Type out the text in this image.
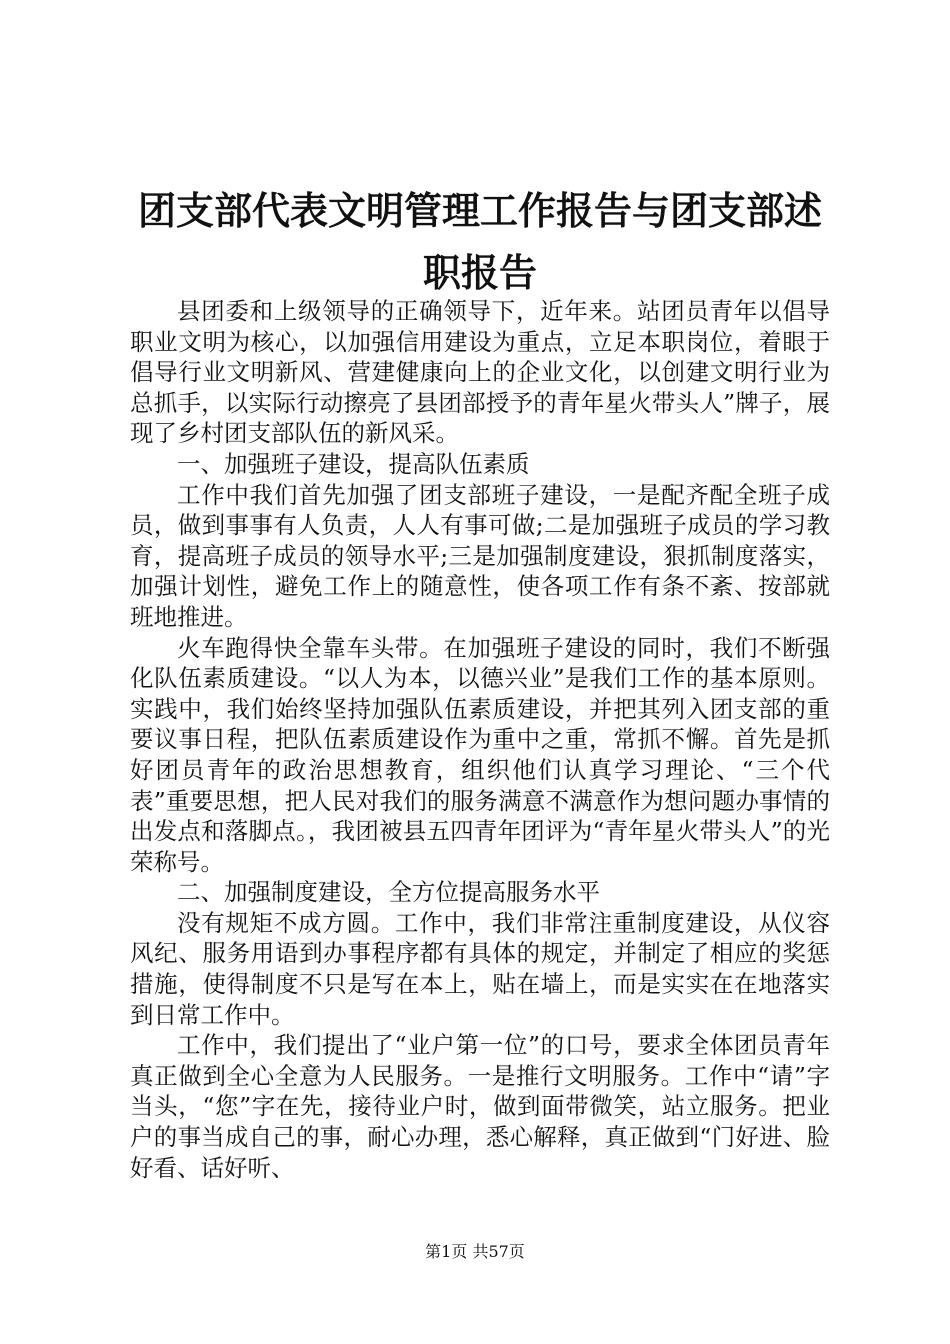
团支部代表文明管理工作报告与团支部述职报告

县团委和上级领导的正确领导下，近年来。站团员青年以倡导职业文明为核心，以加强信用建设为重点，立足本职岗位，着眼于倡导行业文明新风、营建健康向上的企业文化，以创建文明行业为总抓手，以实际行动擦亮了县团部授予的青年星火带头人”牌子，展现了乡村团支部队伍的新风采。

一、加强班子建设，提高队伍素质

工作中我们首先加强了团支部班子建设，一是配齐配全班子成员，做到事事有人负责，人人有事可做;二是加强班子成员的学习教育，提高班子成员的领导水平;三是加强制度建设，狠抓制度落实，加强计划性，避免工作上的随意性，使各项工作有条不紊、按部就班地推进。

火车跑得快全靠车头带。在加强班子建设的同时，我们不断强化队伍素质建设。“以人为本，以德兴业”是我们工作的基本原则。实践中，我们始终坚持加强队伍素质建设，并把其列入团支部的重要议事日程，把队伍素质建设作为重中之重，常抓不懈。首先是抓好团员青年的政治思想教育，组织他们认真学习理论、“三个代表”重要思想，把人民对我们的服务满意不满意作为想问题办事情的出发点和落脚点。，我团被县五四青年团评为“青年星火带头人”的光荣称号。

二、加强制度建设，全方位提高服务水平

没有规矩不成方圆。工作中，我们非常注重制度建设，从仪容风纪、服务用语到办事程序都有具体的规定，并制定了相应的奖惩措施，使得制度不只是写在本上，贴在墙上，而是实实在在地落实到日常工作中。

工作中，我们提出了“业户第一位”的口号，要求全体团员青年真正做到全心全意为人民服务。一是推行文明服务。工作中“请”字当头，“您”字在先，接待业户时，做到面带微笑，站立服务。把业户的事当成自己的事，耐心办理，悉心解释，真正做到“门好进、脸好看、话好听、

第1页 共57页
